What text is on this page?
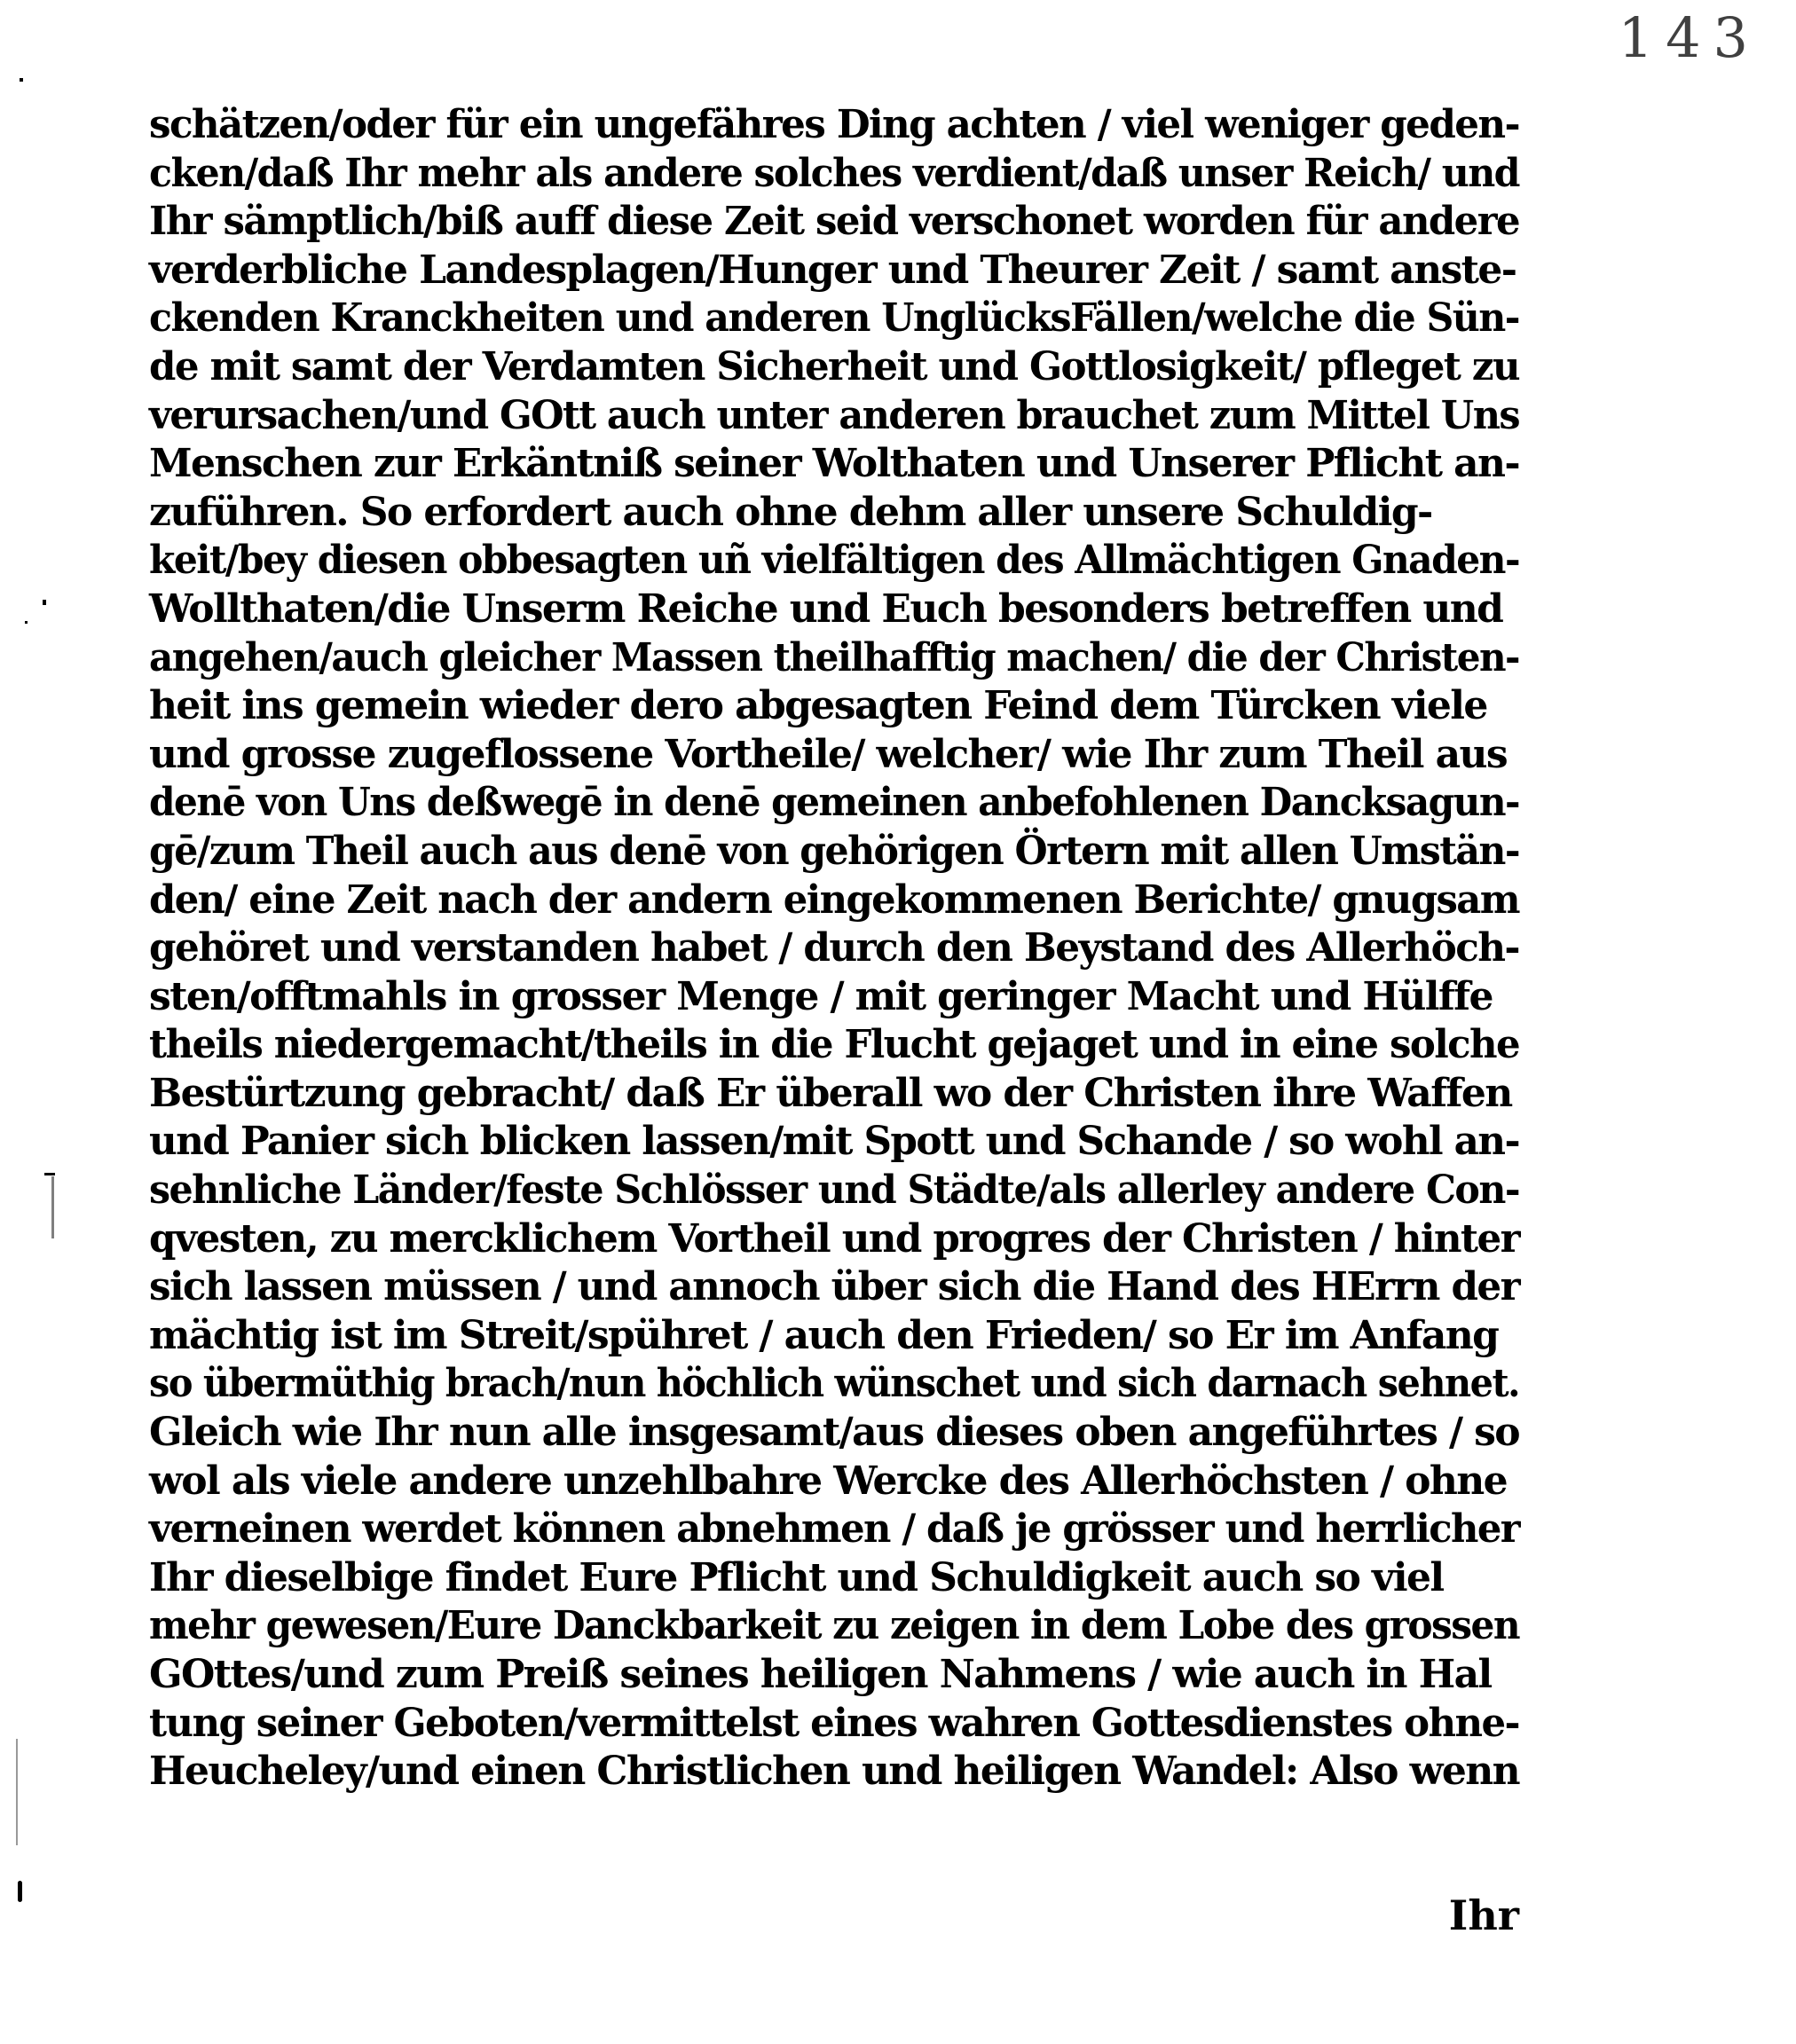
143
schätzen/oder für ein ungefähres Ding achten / viel weniger geden-
cken/daß Ihr mehr als andere solches verdient/daß unser Reich/ und
Ihr sämptlich/biß auff diese Zeit seid verschonet worden für andere
verderbliche Landesplagen/Hunger und Theurer Zeit / samt anste-
ckenden Kranckheiten und anderen UnglücksFällen/welche die Sün-
de mit samt der Verdamten Sicherheit und Gottlosigkeit/ pfleget zu
verursachen/und GOtt auch unter anderen brauchet zum Mittel Uns
Menschen zur Erkäntniß seiner Wolthaten und Unserer Pflicht an-
zuführen. So erfordert auch ohne dehm aller unsere Schuldig-
keit/bey diesen obbesagten uñ vielfältigen des Allmächtigen Gnaden-
Wollthaten/die Unserm Reiche und Euch besonders betreffen und
angehen/auch gleicher Massen theilhafftig machen/ die der Christen-
heit ins gemein wieder dero abgesagten Feind dem Türcken viele
und grosse zugeflossene Vortheile/ welcher/ wie Ihr zum Theil aus
denē von Uns deßwegē in denē gemeinen anbefohlenen Dancksagun-
gē/zum Theil auch aus denē von gehörigen Örtern mit allen Umstän-
den/ eine Zeit nach der andern eingekommenen Berichte/ gnugsam
gehöret und verstanden habet / durch den Beystand des Allerhöch-
sten/offtmahls in grosser Menge / mit geringer Macht und Hülffe
theils niedergemacht/theils in die Flucht gejaget und in eine solche
Bestürtzung gebracht/ daß Er überall wo der Christen ihre Waffen
und Panier sich blicken lassen/mit Spott und Schande / so wohl an-
sehnliche Länder/feste Schlösser und Städte/als allerley andere Con-
qvesten, zu mercklichem Vortheil und progres der Christen / hinter
sich lassen müssen / und annoch über sich die Hand des HErrn der
mächtig ist im Streit/spühret / auch den Frieden/ so Er im Anfang
so übermüthig brach/nun höchlich wünschet und sich darnach sehnet.
Gleich wie Ihr nun alle insgesamt/aus dieses oben angeführtes / so
wol als viele andere unzehlbahre Wercke des Allerhöchsten / ohne
verneinen werdet können abnehmen / daß je grösser und herrlicher
Ihr dieselbige findet Eure Pflicht und Schuldigkeit auch so viel
mehr gewesen/Eure Danckbarkeit zu zeigen in dem Lobe des grossen
GOttes/und zum Preiß seines heiligen Nahmens / wie auch in Hal
tung seiner Geboten/vermittelst eines wahren Gottesdienstes ohne-
Heucheley/und einen Christlichen und heiligen Wandel: Also wenn
Ihr
